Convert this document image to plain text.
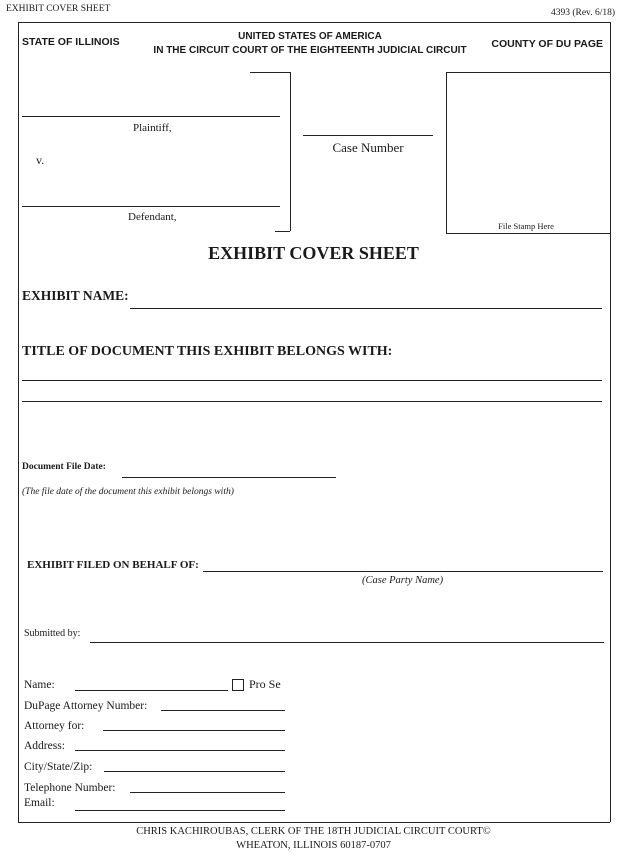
EXHIBIT COVER SHEET	4393 (Rev. 6/18)
STATE OF ILLINOIS	UNITED STATES OF AMERICA
IN THE CIRCUIT COURT OF THE EIGHTEENTH JUDICIAL CIRCUIT
COUNTY OF DU PAGE
Plaintiff,
v.
Defendant,
Case Number
File Stamp Here
EXHIBIT COVER SHEET
EXHIBIT NAME:
TITLE OF DOCUMENT THIS EXHIBIT BELONGS WITH:
Document File Date:
(The file date of the document this exhibit belongs with)
EXHIBIT FILED ON BEHALF OF:
(Case Party Name)
Submitted by:
Name:	Pro Se
DuPage Attorney Number:
Attorney for:
Address:
City/State/Zip:
Telephone Number:
Email:
CHRIS KACHIROUBAS, CLERK OF THE 18TH JUDICIAL CIRCUIT COURT©
WHEATON, ILLINOIS 60187-0707
